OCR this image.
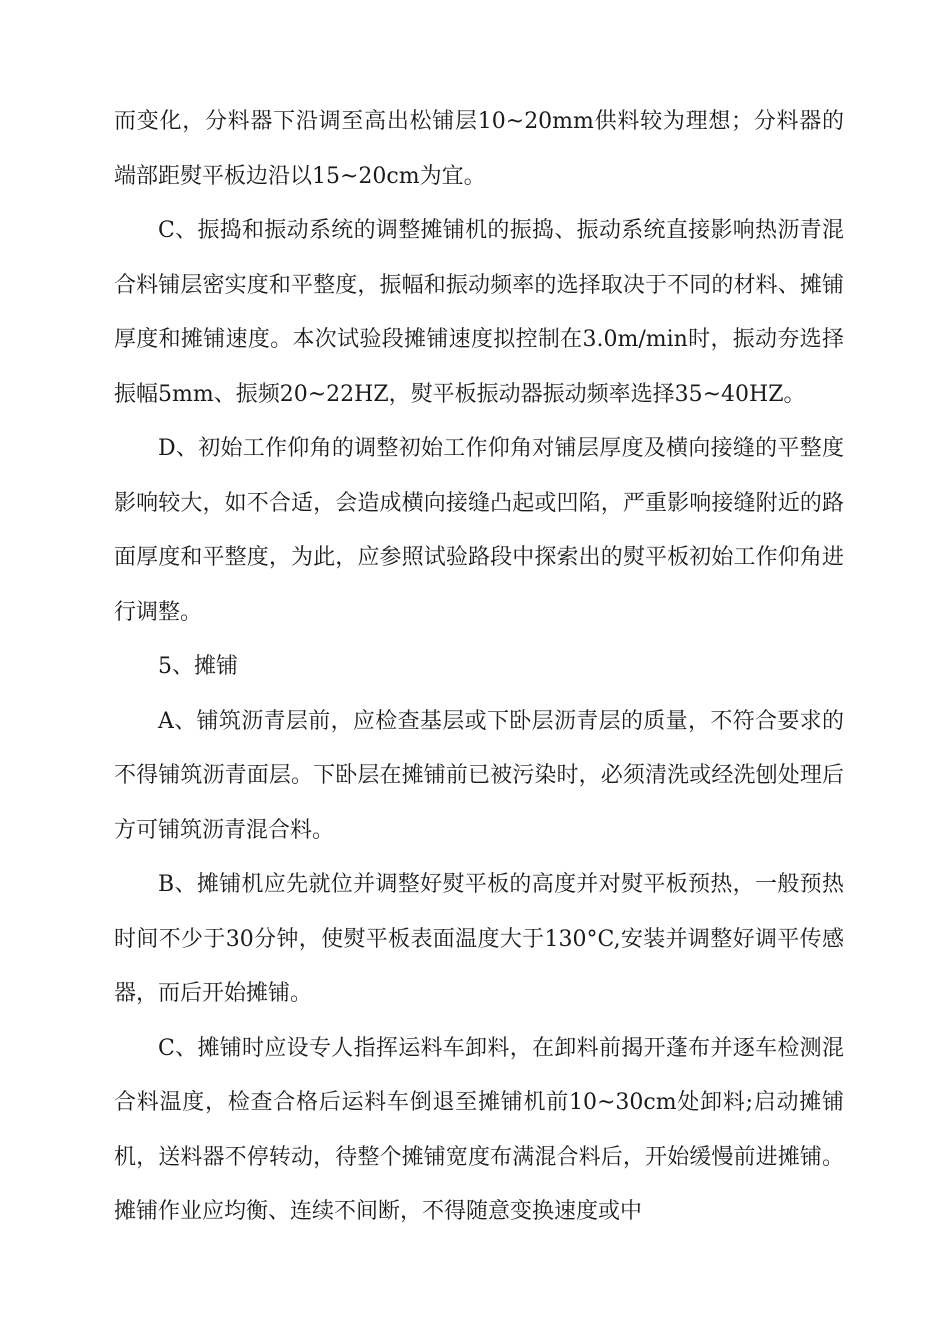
而变化，分料器下沿调至高出松铺层10~20mm供料较为理想；分料器的端部距熨平板边沿以15~20cm为宜。

C、振捣和振动系统的调整摊铺机的振捣、振动系统直接影响热沥青混合料铺层密实度和平整度，振幅和振动频率的选择取决于不同的材料、摊铺厚度和摊铺速度。本次试验段摊铺速度拟控制在3.0m/min时，振动夯选择振幅5mm、振频20~22HZ，熨平板振动器振动频率选择35~40HZ。

D、初始工作仰角的调整初始工作仰角对铺层厚度及横向接缝的平整度影响较大，如不合适，会造成横向接缝凸起或凹陷，严重影响接缝附近的路面厚度和平整度，为此，应参照试验路段中探索出的熨平板初始工作仰角进行调整。

5、摊铺

A、铺筑沥青层前，应检查基层或下卧层沥青层的质量，不符合要求的不得铺筑沥青面层。下卧层在摊铺前已被污染时，必须清洗或经洗刨处理后方可铺筑沥青混合料。

B、摊铺机应先就位并调整好熨平板的高度并对熨平板预热，一般预热时间不少于30分钟，使熨平板表面温度大于130°C,安装并调整好调平传感器，而后开始摊铺。

C、摊铺时应设专人指挥运料车卸料，在卸料前揭开蓬布并逐车检测混合料温度，检查合格后运料车倒退至摊铺机前10~30cm处卸料;启动摊铺机，送料器不停转动，待整个摊铺宽度布满混合料后，开始缓慢前进摊铺。摊铺作业应均衡、连续不间断，不得随意变换速度或中
